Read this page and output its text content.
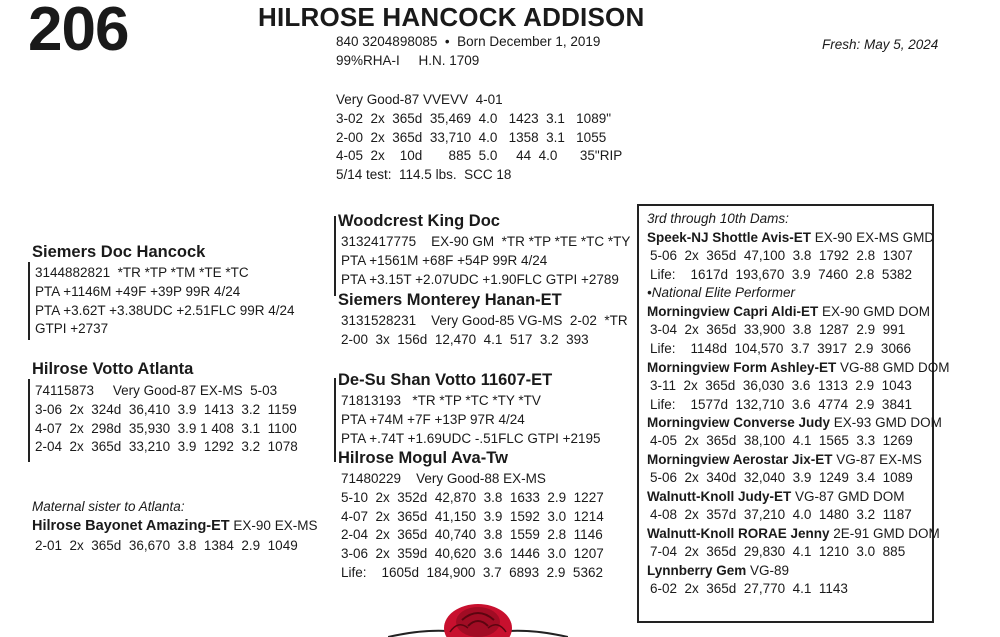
206	HILROSE HANCOCK ADDISON
840 3204898085  •  Born December 1, 2019
99%RHA-I     H.N. 1709
Fresh: May 5, 2024
Very Good-87 VVEVV  4-01
3-02  2x  365d  35,469  4.0   1423  3.1   1089"
2-00  2x  365d  33,710  4.0   1358  3.1   1055
4-05  2x    10d       885  5.0     44  4.0      35"RIP
5/14 test:  114.5 lbs.  SCC 18
Siemers Doc Hancock
3144882821  *TR *TP *TM *TE *TC
PTA +1146M +49F +39P 99R 4/24
PTA +3.62T +3.38UDC +2.51FLC 99R 4/24
GTPI +2737
Hilrose Votto Atlanta
74115873     Very Good-87 EX-MS  5-03
3-06  2x  324d  36,410  3.9  1413  3.2  1159
4-07  2x  298d  35,930  3.9 1 408  3.1  1100
2-04  2x  365d  33,210  3.9  1292  3.2  1078
Maternal sister to Atlanta:
Hilrose Bayonet Amazing-ET EX-90 EX-MS
2-01  2x  365d  36,670  3.8  1384  2.9  1049
Woodcrest King Doc
3132417775    EX-90 GM  *TR *TP *TE *TC *TY
PTA +1561M +68F +54P 99R 4/24
PTA +3.15T +2.07UDC +1.90FLC GTPI +2789
Siemers Monterey Hanan-ET
3131528231    Very Good-85 VG-MS  2-02  *TR
2-00  3x  156d  12,470  4.1  517  3.2  393
De-Su Shan Votto 11607-ET
71813193   *TR *TP *TC *TY *TV
PTA +74M +7F +13P 97R 4/24
PTA +.74T +1.69UDC -.51FLC GTPI +2195
Hilrose Mogul Ava-Tw
71480229    Very Good-88 EX-MS
5-10  2x  352d  42,870  3.8  1633  2.9  1227
4-07  2x  365d  41,150  3.9  1592  3.0  1214
2-04  2x  365d  40,740  3.8  1559  2.8  1146
3-06  2x  359d  40,620  3.6  1446  3.0  1207
Life:    1605d  184,900  3.7  6893  2.9  5362
3rd through 10th Dams:
Speek-NJ Shottle Avis-ET EX-90 EX-MS GMD
5-06  2x  365d  47,100  3.8  1792  2.8  1307
Life:    1617d  193,670  3.9  7460  2.8  5382
•National Elite Performer
Morningview Capri Aldi-ET EX-90 GMD DOM
3-04  2x  365d  33,900  3.8  1287  2.9  991
Life:    1148d  104,570  3.7  3917  2.9  3066
Morningview Form Ashley-ET VG-88 GMD DOM
3-11  2x  365d  36,030  3.6  1313  2.9  1043
Life:    1577d  132,710  3.6  4774  2.9  3841
Morningview Converse Judy EX-93 GMD DOM
4-05  2x  365d  38,100  4.1  1565  3.3  1269
Morningview Aerostar Jix-ET VG-87 EX-MS
5-06  2x  340d  32,040  3.9  1249  3.4  1089
Walnutt-Knoll Judy-ET VG-87 GMD DOM
4-08  2x  357d  37,210  4.0  1480  3.2  1187
Walnutt-Knoll RORAE Jenny 2E-91 GMD DOM
7-04  2x  365d  29,830  4.1  1210  3.0  885
Lynnberry Gem VG-89
6-02  2x  365d  27,770  4.1  1143
